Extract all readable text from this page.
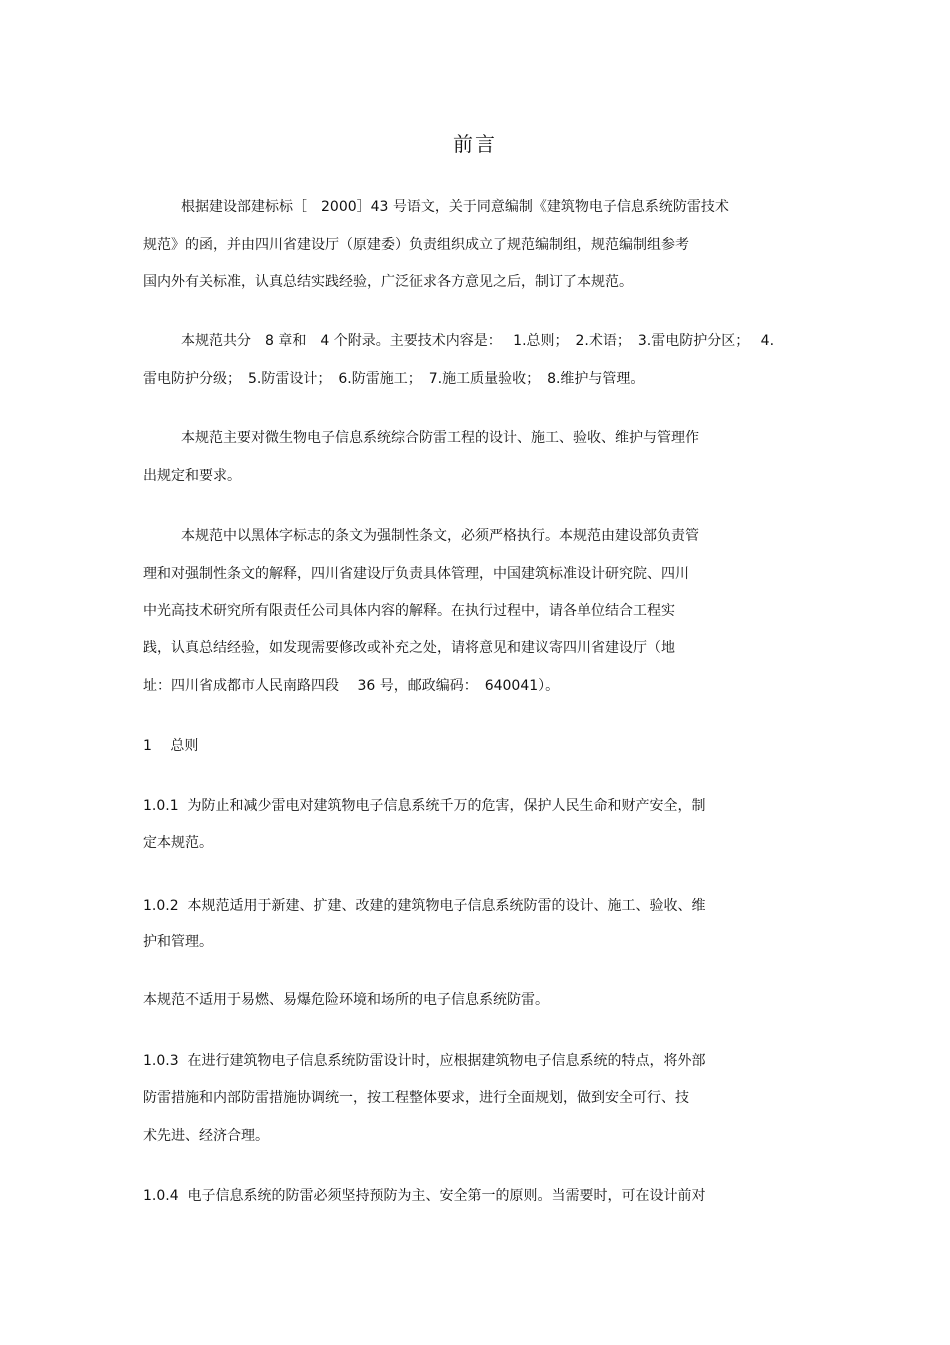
前言
根据建设部建标标［　2000］43 号语文，关于同意编制《建筑物电子信息系统防雷技术
规范》的函，并由四川省建设厅（原建委）负责组织成立了规范编制组，规范编制组参考
国内外有关标准，认真总结实践经验，广泛征求各方意见之后，制订了本规范。
本规范共分　8 章和　4 个附录。主要技术内容是：　 1.总则；　2.术语；　3.雷电防护分区；　 4.
雷电防护分级；　5.防雷设计；　6.防雷施工；　7.施工质量验收；　8.维护与管理。
本规范主要对微生物电子信息系统综合防雷工程的设计、施工、验收、维护与管理作
出规定和要求。
本规范中以黑体字标志的条文为强制性条文，必须严格执行。本规范由建设部负责管
理和对强制性条文的解释，四川省建设厅负责具体管理，中国建筑标准设计研究院、四川
中光高技术研究所有限责任公司具体内容的解释。在执行过程中，请各单位结合工程实
践，认真总结经验，如发现需要修改或补充之处，请将意见和建议寄四川省建设厅（地
址：四川省成都市人民南路四段　 36 号，邮政编码：　640041）。
1　 总则
1.0.1  为防止和减少雷电对建筑物电子信息系统千万的危害，保护人民生命和财产安全，制
定本规范。
1.0.2  本规范适用于新建、扩建、改建的建筑物电子信息系统防雷的设计、施工、验收、维
护和管理。
本规范不适用于易燃、易爆危险环境和场所的电子信息系统防雷。
1.0.3  在进行建筑物电子信息系统防雷设计时，应根据建筑物电子信息系统的特点，将外部
防雷措施和内部防雷措施协调统一，按工程整体要求，进行全面规划，做到安全可行、技
术先进、经济合理。
1.0.4  电子信息系统的防雷必须坚持预防为主、安全第一的原则。当需要时，可在设计前对
